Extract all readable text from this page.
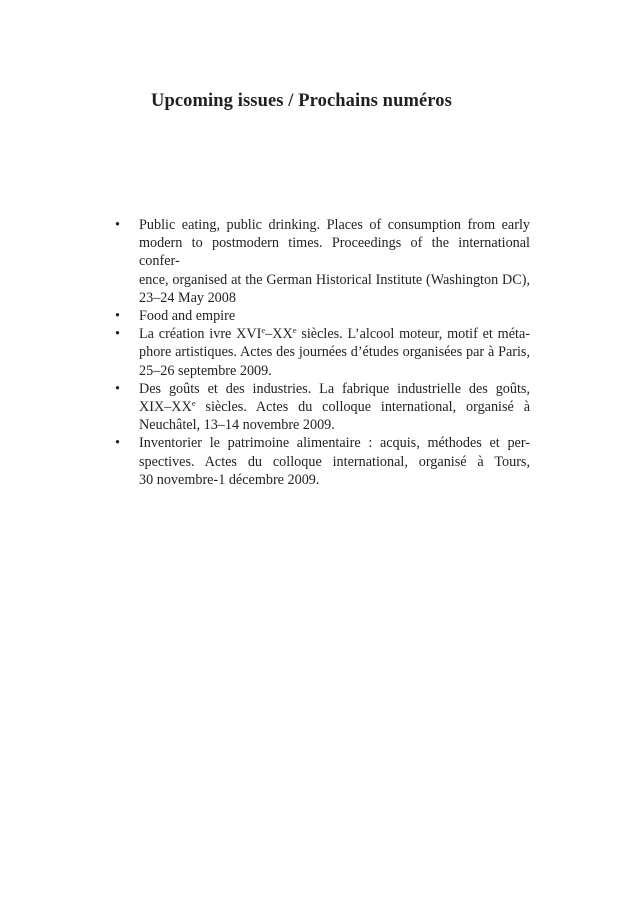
Upcoming issues / Prochains numéros
• Public eating, public drinking. Places of consumption from early
modern to postmodern times. Proceedings of the international confer-
ence, organised at the German Historical Institute (Washington DC),
23–24 May 2008
• Food and empire
• La création ivre XVIe–XXe siècles. L’alcool moteur, motif et méta-
phore artistiques. Actes des journées d’études organisées par à Paris,
25–26 septembre 2009.
• Des goûts et des industries. La fabrique industrielle des goûts,
XIX–XXe siècles. Actes du colloque international, organisé à
Neuchâtel, 13–14 novembre 2009.
• Inventorier le patrimoine alimentaire : acquis, méthodes et per-
spectives. Actes du colloque international, organisé à Tours,
30 novembre-1 décembre 2009.
